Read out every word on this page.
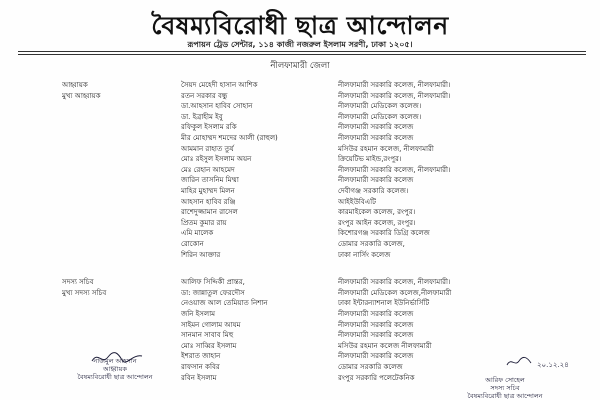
বৈষম্যবিরোধী ছাত্র আন্দোলন
রূপায়ন ট্রেড সেন্টার, ১১৪ কাজী নজরুল ইসলাম সরণী, ঢাকা ১২০৫।
নীলফামারী জেলা
আহ্বায়ক	সৈয়দ মেহেদী হাসান আশিক	নীলফামারী সরকারি কলেজ, নীলফামারী।
মুখ্য আহ্বায়ক	রতন সরকার বন্ধু	নীলফামারী সরকারি কলেজ, নীলফামারী।
ডা.আহসান হাবিব সোহান	নীলফামারী মেডিকেল কলেজ।
ডা. ইব্রাহীম ইবু	নীলফামারী মেডিকেল কলেজ।
রফিকুল ইসলাম রকি	নীলফামারী সরকারি কলেজ
মীর মোহাম্মদ শমদের আলী (রাহুল)	নীলফামারী সরকারি কলেজ
আমমান রাহাত তুর্য	মসিউর রহমান কলেজ, নীলফামারী
মোঃ রইসুল ইসলাম অয়ন	ক্রিয়েটিভ মাইন্ড,রংপুর।
মেঃ রেহান আহমেদ	নীলফামারী সরকারি কলেজ, নীলফামারী।
জারিন তাসনিম মিম্মা	নীলফামারী সরকারি কলেজ
মাহির মুহাম্মদ মিলন	দেবীগঞ্জ সরকারি কলেজ।
আহসান হাবিব রঞ্জি	আইইউবিএটি
রাশেদুজ্জামান রাসেল	কারমাইকেল কলেজ, রংপুর।
প্রিতম কুমার রায়	রংপুর আইন কলেজ, রংপুর।
এমি মালেক	কিশোরগঞ্জ সরকারি ডিগ্রি কলেজ
রোকোন	ডোমার সরকারি কলেজ,
শিরিন আক্তার	ঢাকা নার্সিং কলেজ
সদস্য সচিব	আলিফ সিদ্দিকী প্রান্তর,	নীলফামারী সরকারি কলেজ, নীলফামারী।
মুখ্য সদস্য সচিব	ডা: জান্নাতুল ফেরদৌস	নীলফামারী মেডিকেল কলেজ,নীলফামারী
নেওয়াজ আল তেমিয়াত নিশান	ঢাকা ইন্টারন্যাশনাল ইউনির্ভার্সিটি
জনি ইসলাম	নীলফামারী সরকারি কলেজ
সাইমন গোলাম আযম	নীলফামারী সরকারি কলেজ
সানমান সাবাব মিহু	নীলফামারী সরকারি কলেজ
মোঃ সাব্বির ইসলাম	মসিউর রহমান কলেজ নীলফামারী
ইশরাত জাহান	নীলফামারী সরকারি কলেজ
রাফসান কবির	ডোমার সরকারি কলেজ
রবিন ইসলাম	রংপুর সরকারি পলেটেকনিক
নাজমুল আহসান
আহ্বায়ক
বৈষম্যবিরোধী ছাত্র আন্দোলন
২০.১২.২৪
আরিফ সোহেল
সদস্য সচিব
বৈষম্যবিরোধী ছাত্র আন্দোলন
